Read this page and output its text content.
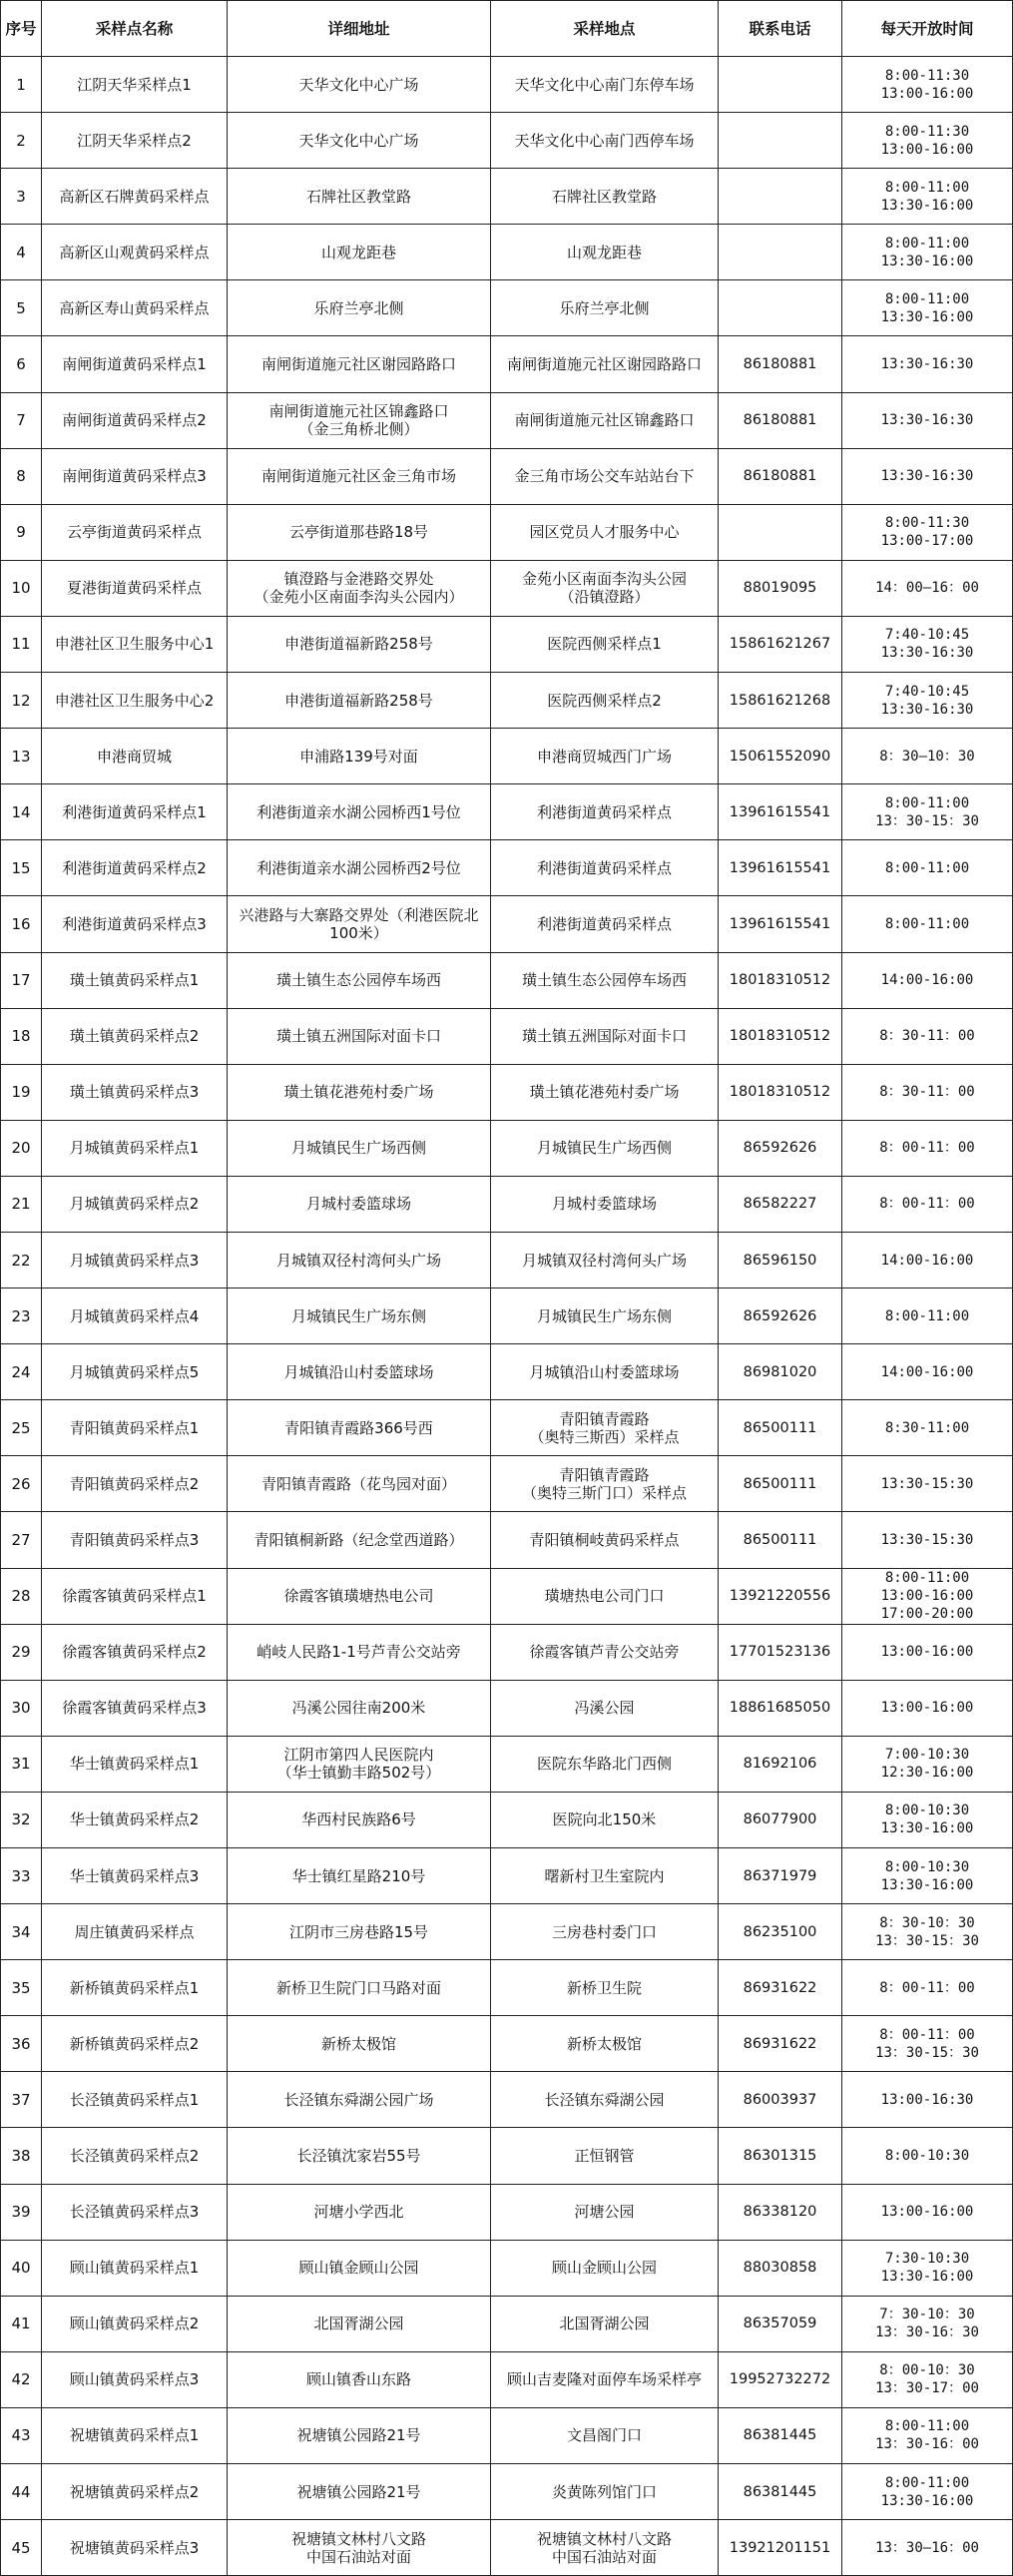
序号	采样点名称	详细地址	采样地点	联系电话	每天开放时间
1	江阴天华采样点1	天华文化中心广场	天华文化中心南门东停车场		8:00-11:30
13:00-16:00
2	江阴天华采样点2	天华文化中心广场	天华文化中心南门西停车场		8:00-11:30
13:00-16:00
3	高新区石牌黄码采样点	石牌社区教堂路	石牌社区教堂路		8:00-11:00
13:30-16:00
4	高新区山观黄码采样点	山观龙距巷	山观龙距巷		8:00-11:00
13:30-16:00
5	高新区寿山黄码采样点	乐府兰亭北侧	乐府兰亭北侧		8:00-11:00
13:30-16:00
6	南闸街道黄码采样点1	南闸街道施元社区谢园路路口	南闸街道施元社区谢园路路口	86180881	13:30-16:30
7	南闸街道黄码采样点2	南闸街道施元社区锦鑫路口
（金三角桥北侧）	南闸街道施元社区锦鑫路口	86180881	13:30-16:30
8	南闸街道黄码采样点3	南闸街道施元社区金三角市场	金三角市场公交车站站台下	86180881	13:30-16:30
9	云亭街道黄码采样点	云亭街道那巷路18号	园区党员人才服务中心		8:00-11:30
13:00-17:00
10	夏港街道黄码采样点	镇澄路与金港路交界处
（金苑小区南面李沟头公园内）	金苑小区南面李沟头公园
（沿镇澄路）	88019095	14：00—16：00
11	申港社区卫生服务中心1	申港街道福新路258号	医院西侧采样点1	15861621267	7:40-10:45
13:30-16:30
12	申港社区卫生服务中心2	申港街道福新路258号	医院西侧采样点2	15861621268	7:40-10:45
13:30-16:30
13	申港商贸城	申浦路139号对面	申港商贸城西门广场	15061552090	8：30—10：30
14	利港街道黄码采样点1	利港街道亲水湖公园桥西1号位	利港街道黄码采样点	13961615541	8:00-11:00
13：30-15：30
15	利港街道黄码采样点2	利港街道亲水湖公园桥西2号位	利港街道黄码采样点	13961615541	8:00-11:00
16	利港街道黄码采样点3	兴港路与大寨路交界处（利港医院北
100米）	利港街道黄码采样点	13961615541	8:00-11:00
17	璜土镇黄码采样点1	璜土镇生态公园停车场西	璜土镇生态公园停车场西	18018310512	14:00-16:00
18	璜土镇黄码采样点2	璜土镇五洲国际对面卡口	璜土镇五洲国际对面卡口	18018310512	8：30-11：00
19	璜土镇黄码采样点3	璜土镇花港苑村委广场	璜土镇花港苑村委广场	18018310512	8：30-11：00
20	月城镇黄码采样点1	月城镇民生广场西侧	月城镇民生广场西侧	86592626	8：00-11：00
21	月城镇黄码采样点2	月城村委篮球场	月城村委篮球场	86582227	8：00-11：00
22	月城镇黄码采样点3	月城镇双径村湾何头广场	月城镇双径村湾何头广场	86596150	14:00-16:00
23	月城镇黄码采样点4	月城镇民生广场东侧	月城镇民生广场东侧	86592626	8:00-11:00
24	月城镇黄码采样点5	月城镇沿山村委篮球场	月城镇沿山村委篮球场	86981020	14:00-16:00
25	青阳镇黄码采样点1	青阳镇青霞路366号西	青阳镇青霞路
（奥特三斯西）采样点	86500111	8:30-11:00
26	青阳镇黄码采样点2	青阳镇青霞路（花鸟园对面）	青阳镇青霞路
（奥特三斯门口）采样点	86500111	13:30-15:30
27	青阳镇黄码采样点3	青阳镇桐新路（纪念堂西道路）	青阳镇桐岐黄码采样点	86500111	13:30-15:30
28	徐霞客镇黄码采样点1	徐霞客镇璜塘热电公司	璜塘热电公司门口	13921220556	8:00-11:00
13:00-16:00
17:00-20:00
29	徐霞客镇黄码采样点2	峭岐人民路1-1号芦青公交站旁	徐霞客镇芦青公交站旁	17701523136	13:00-16:00
30	徐霞客镇黄码采样点3	冯溪公园往南200米	冯溪公园	18861685050	13:00-16:00
31	华士镇黄码采样点1	江阴市第四人民医院内
（华士镇勤丰路502号）	医院东华路北门西侧	81692106	7:00-10:30
12:30-16:00
32	华士镇黄码采样点2	华西村民族路6号	医院向北150米	86077900	8:00-10:30
13:30-16:00
33	华士镇黄码采样点3	华士镇红星路210号	曙新村卫生室院内	86371979	8:00-10:30
13:30-16:00
34	周庄镇黄码采样点	江阴市三房巷路15号	三房巷村委门口	86235100	8：30-10：30
13：30-15：30
35	新桥镇黄码采样点1	新桥卫生院门口马路对面	新桥卫生院	86931622	8：00-11：00
36	新桥镇黄码采样点2	新桥太极馆	新桥太极馆	86931622	8：00-11：00
13：30-15：30
37	长泾镇黄码采样点1	长泾镇东舜湖公园广场	长泾镇东舜湖公园	86003937	13:00-16:30
38	长泾镇黄码采样点2	长泾镇沈家岩55号	正恒钢管	86301315	8:00-10:30
39	长泾镇黄码采样点3	河塘小学西北	河塘公园	86338120	13:00-16:00
40	顾山镇黄码采样点1	顾山镇金顾山公园	顾山金顾山公园	88030858	7:30-10:30
13:30-16:00
41	顾山镇黄码采样点2	北国胥湖公园	北国胥湖公园	86357059	7：30-10：30
13：30-16：30
42	顾山镇黄码采样点3	顾山镇香山东路	顾山吉麦隆对面停车场采样亭	19952732272	8：00-10：30
13：30-17：00
43	祝塘镇黄码采样点1	祝塘镇公园路21号	文昌阁门口	86381445	8:00-11:00
13：30-16：00
44	祝塘镇黄码采样点2	祝塘镇公园路21号	炎黄陈列馆门口	86381445	8:00-11:00
13:30-16:00
45	祝塘镇黄码采样点3	祝塘镇文林村八文路
中国石油站对面	祝塘镇文林村八文路
中国石油站对面	13921201151	13：30—16：00
